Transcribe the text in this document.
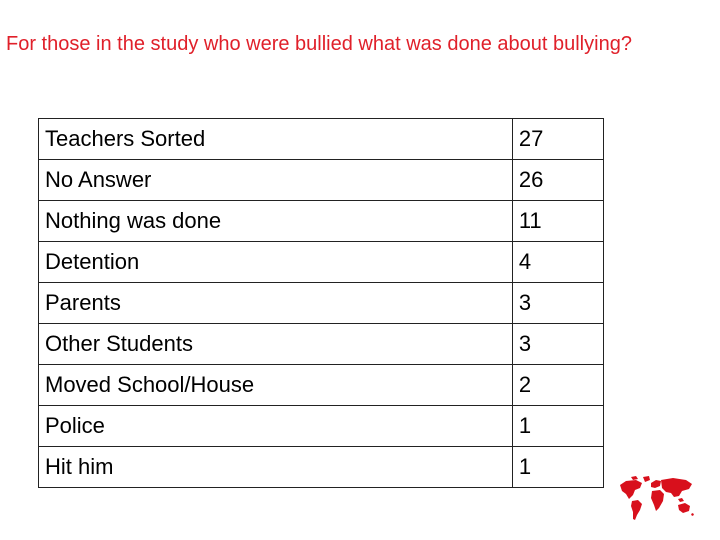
For those in the study who were bullied what was done about bullying?
Teachers Sorted	27
No Answer	26
Nothing was done	11
Detention	4
Parents	3
Other Students	3
Moved School/House	2
Police	1
Hit him	1
